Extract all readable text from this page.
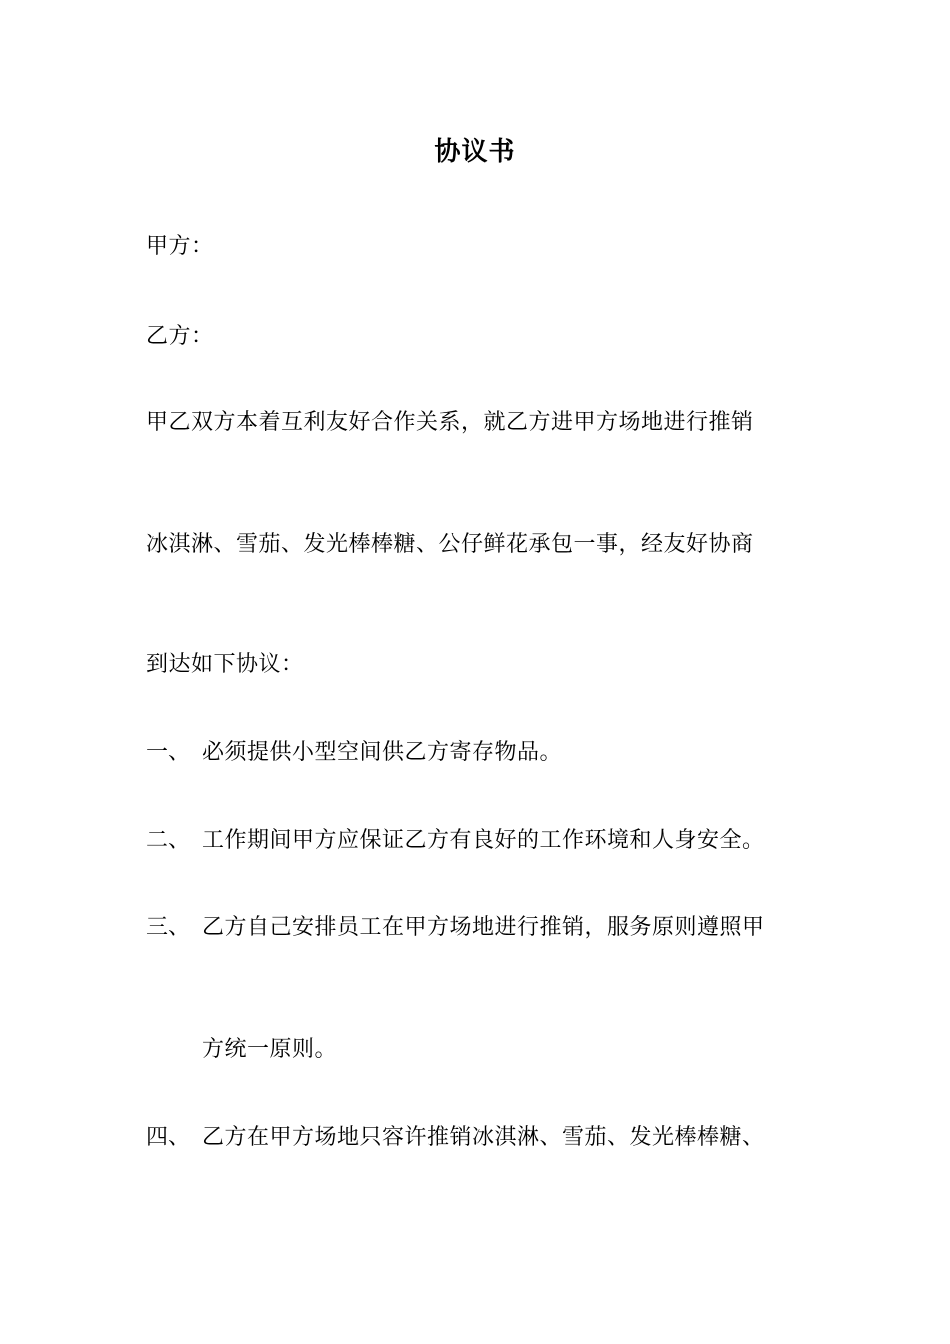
协议书
甲方：
乙方：
甲乙双方本着互利友好合作关系，就乙方进甲方场地进行推销
冰淇淋、雪茄、发光棒棒糖、公仔鲜花承包一事，经友好协商
到达如下协议：
一、 必须提供小型空间供乙方寄存物品。
二、 工作期间甲方应保证乙方有良好的工作环境和人身安全。
三、 乙方自己安排员工在甲方场地进行推销，服务原则遵照甲
方统一原则。
四、 乙方在甲方场地只容许推销冰淇淋、雪茄、发光棒棒糖、
